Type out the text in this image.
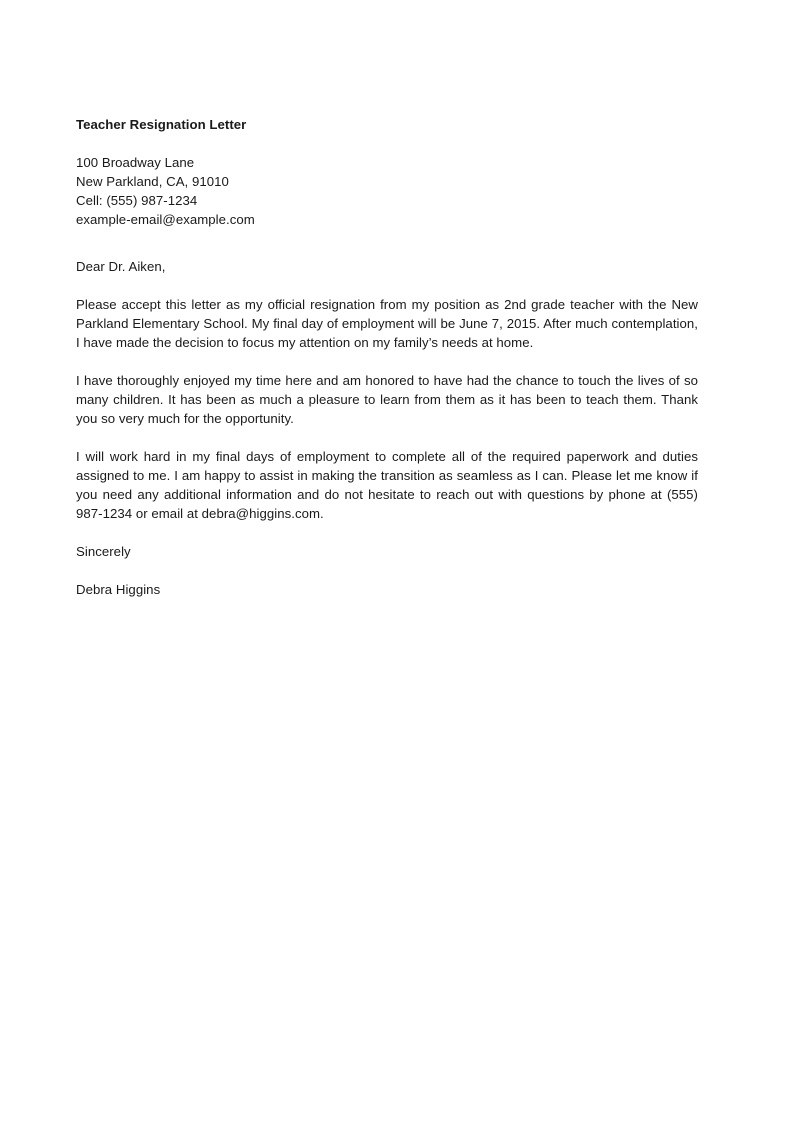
Teacher Resignation Letter
100 Broadway Lane
New Parkland, CA, 91010
Cell: (555) 987-1234
example-email@example.com
Dear Dr. Aiken,
Please accept this letter as my official resignation from my position as 2nd grade teacher with the New Parkland Elementary School. My final day of employment will be June 7, 2015. After much contemplation, I have made the decision to focus my attention on my family’s needs at home.
I have thoroughly enjoyed my time here and am honored to have had the chance to touch the lives of so many children. It has been as much a pleasure to learn from them as it has been to teach them. Thank you so very much for the opportunity.
I will work hard in my final days of employment to complete all of the required paperwork and duties assigned to me. I am happy to assist in making the transition as seamless as I can. Please let me know if you need any additional information and do not hesitate to reach out with questions by phone at (555) 987-1234 or email at debra@higgins.com.
Sincerely
Debra Higgins
